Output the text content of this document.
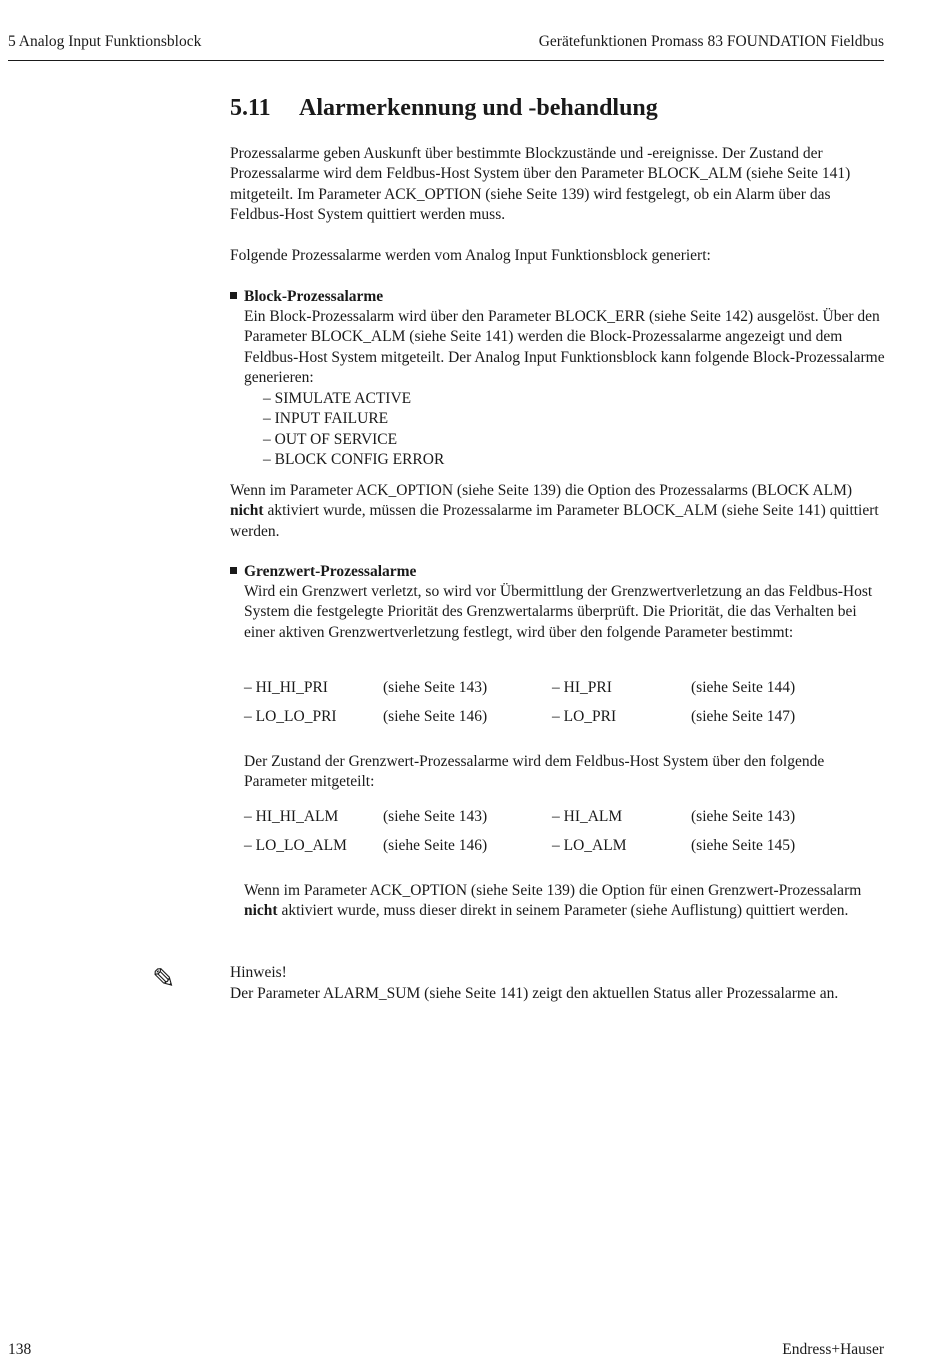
5 Analog Input Funktionsblock	Gerätefunktionen Promass 83 FOUNDATION Fieldbus
5.11 Alarmerkennung und -behandlung

Prozessalarme geben Auskunft über bestimmte Blockzustände und -ereignisse. Der Zustand der Prozessalarme wird dem Feldbus-Host System über den Parameter BLOCK_ALM (siehe Seite 141) mitgeteilt. Im Parameter ACK_OPTION (siehe Seite 139) wird festgelegt, ob ein Alarm über das Feldbus-Host System quittiert werden muss.

Folgende Prozessalarme werden vom Analog Input Funktionsblock generiert:

Block-Prozessalarme

Ein Block-Prozessalarm wird über den Parameter BLOCK_ERR (siehe Seite 142) ausgelöst. Über den Parameter BLOCK_ALM (siehe Seite 141) werden die Block-Prozessalarme angezeigt und dem Feldbus-Host System mitgeteilt. Der Analog Input Funktionsblock kann folgende Block-Prozessalarme generieren:

– SIMULATE ACTIVE
– INPUT FAILURE
– OUT OF SERVICE
– BLOCK CONFIG ERROR

Wenn im Parameter ACK_OPTION (siehe Seite 139) die Option des Prozessalarms (BLOCK ALM) nicht aktiviert wurde, müssen die Prozessalarme im Parameter BLOCK_ALM (siehe Seite 141) quittiert werden.

Grenzwert-Prozessalarme

Wird ein Grenzwert verletzt, so wird vor Übermittlung der Grenzwertverletzung an das Feldbus-Host System die festgelegte Priorität des Grenzwertalarms überprüft. Die Priorität, die das Verhalten bei einer aktiven Grenzwertverletzung festlegt, wird über den folgende Parameter bestimmt:

– HI_HI_PRI	(siehe Seite 143)	– HI_PRI	(siehe Seite 144)
– LO_LO_PRI	(siehe Seite 146)	– LO_PRI	(siehe Seite 147)

Der Zustand der Grenzwert-Prozessalarme wird dem Feldbus-Host System über den folgende Parameter mitgeteilt:

– HI_HI_ALM	(siehe Seite 143)	– HI_ALM	(siehe Seite 143)
– LO_LO_ALM (siehe Seite 146)	– LO_ALM	(siehe Seite 145)

Wenn im Parameter ACK_OPTION (siehe Seite 139) die Option für einen Grenzwert-Prozessalarm nicht aktiviert wurde, muss dieser direkt in seinem Parameter (siehe Auflistung) quittiert werden.

✎	Hinweis!

Der Parameter ALARM_SUM (siehe Seite 141) zeigt den aktuellen Status aller Prozessalarme an.

138	Endress+Hauser
